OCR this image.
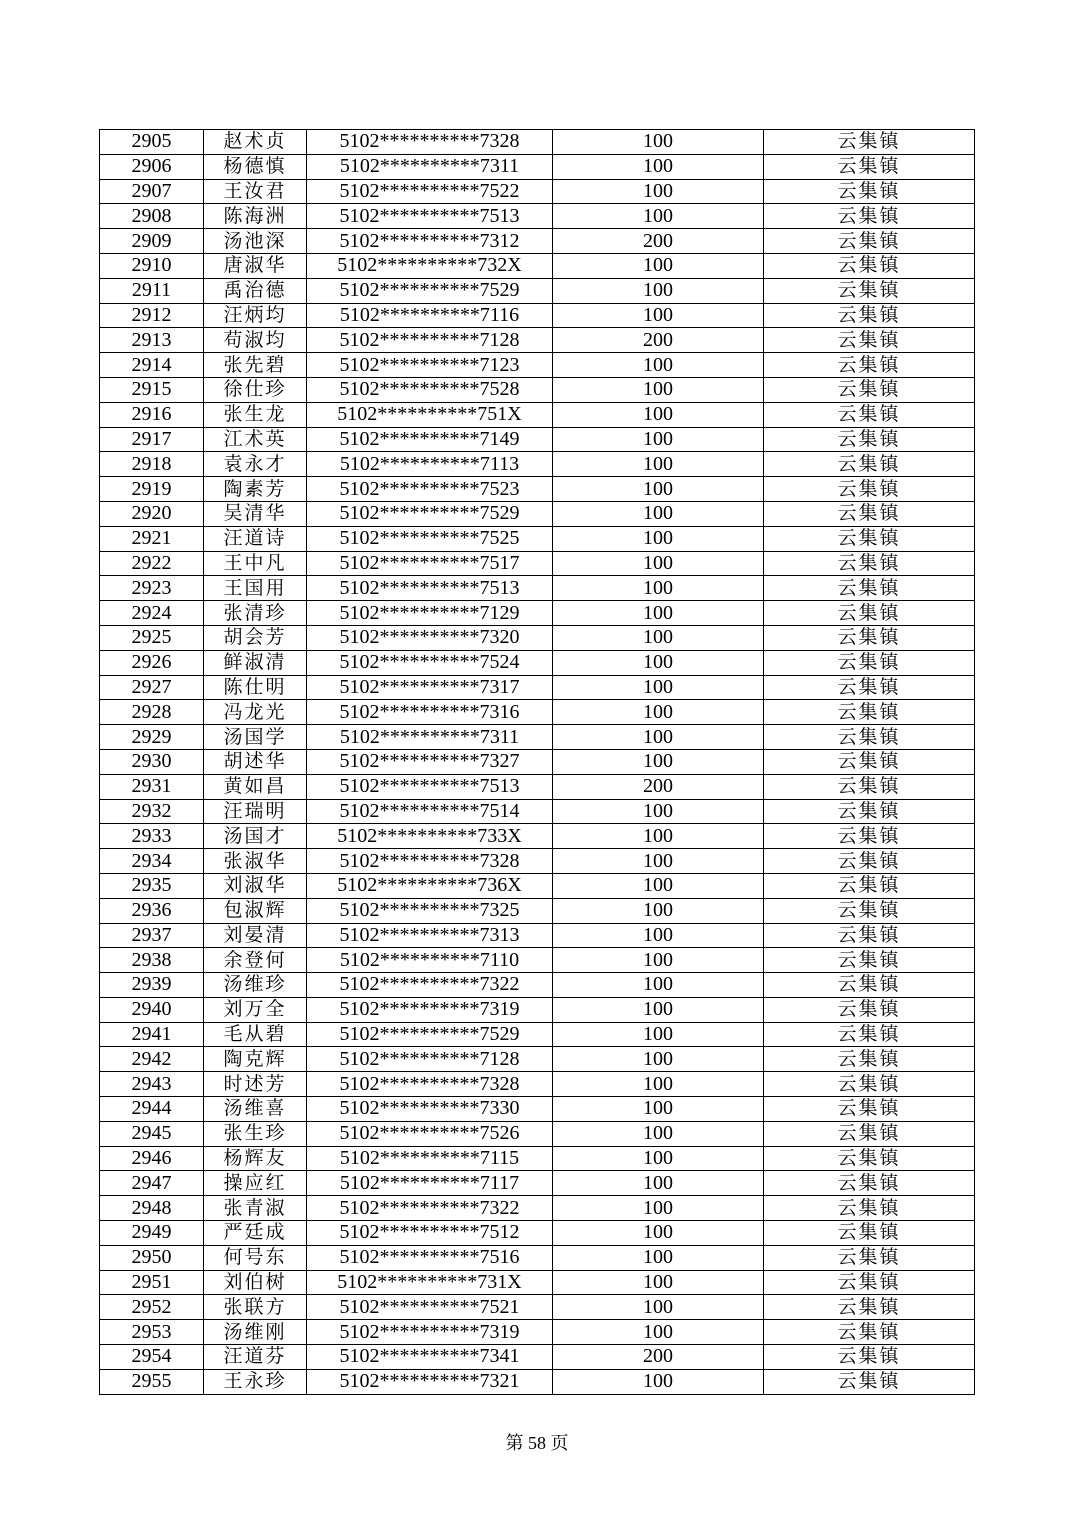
2905	赵术贞	5102**********7328	100	云集镇
2906	杨德慎	5102**********7311	100	云集镇
2907	王汝君	5102**********7522	100	云集镇
2908	陈海洲	5102**********7513	100	云集镇
2909	汤池深	5102**********7312	200	云集镇
2910	唐淑华	5102**********732X	100	云集镇
2911	禹治德	5102**********7529	100	云集镇
2912	汪炳均	5102**********7116	100	云集镇
2913	苟淑均	5102**********7128	200	云集镇
2914	张先碧	5102**********7123	100	云集镇
2915	徐仕珍	5102**********7528	100	云集镇
2916	张生龙	5102**********751X	100	云集镇
2917	江术英	5102**********7149	100	云集镇
2918	袁永才	5102**********7113	100	云集镇
2919	陶素芳	5102**********7523	100	云集镇
2920	吴清华	5102**********7529	100	云集镇
2921	汪道诗	5102**********7525	100	云集镇
2922	王中凡	5102**********7517	100	云集镇
2923	王国用	5102**********7513	100	云集镇
2924	张清珍	5102**********7129	100	云集镇
2925	胡会芳	5102**********7320	100	云集镇
2926	鲜淑清	5102**********7524	100	云集镇
2927	陈仕明	5102**********7317	100	云集镇
2928	冯龙光	5102**********7316	100	云集镇
2929	汤国学	5102**********7311	100	云集镇
2930	胡述华	5102**********7327	100	云集镇
2931	黄如昌	5102**********7513	200	云集镇
2932	汪瑞明	5102**********7514	100	云集镇
2933	汤国才	5102**********733X	100	云集镇
2934	张淑华	5102**********7328	100	云集镇
2935	刘淑华	5102**********736X	100	云集镇
2936	包淑辉	5102**********7325	100	云集镇
2937	刘晏清	5102**********7313	100	云集镇
2938	余登何	5102**********7110	100	云集镇
2939	汤维珍	5102**********7322	100	云集镇
2940	刘万全	5102**********7319	100	云集镇
2941	毛从碧	5102**********7529	100	云集镇
2942	陶克辉	5102**********7128	100	云集镇
2943	时述芳	5102**********7328	100	云集镇
2944	汤维喜	5102**********7330	100	云集镇
2945	张生珍	5102**********7526	100	云集镇
2946	杨辉友	5102**********7115	100	云集镇
2947	操应红	5102**********7117	100	云集镇
2948	张青淑	5102**********7322	100	云集镇
2949	严廷成	5102**********7512	100	云集镇
2950	何号东	5102**********7516	100	云集镇
2951	刘伯树	5102**********731X	100	云集镇
2952	张联方	5102**********7521	100	云集镇
2953	汤维刚	5102**********7319	100	云集镇
2954	汪道芬	5102**********7341	200	云集镇
2955	王永珍	5102**********7321	100	云集镇
第 58 页
